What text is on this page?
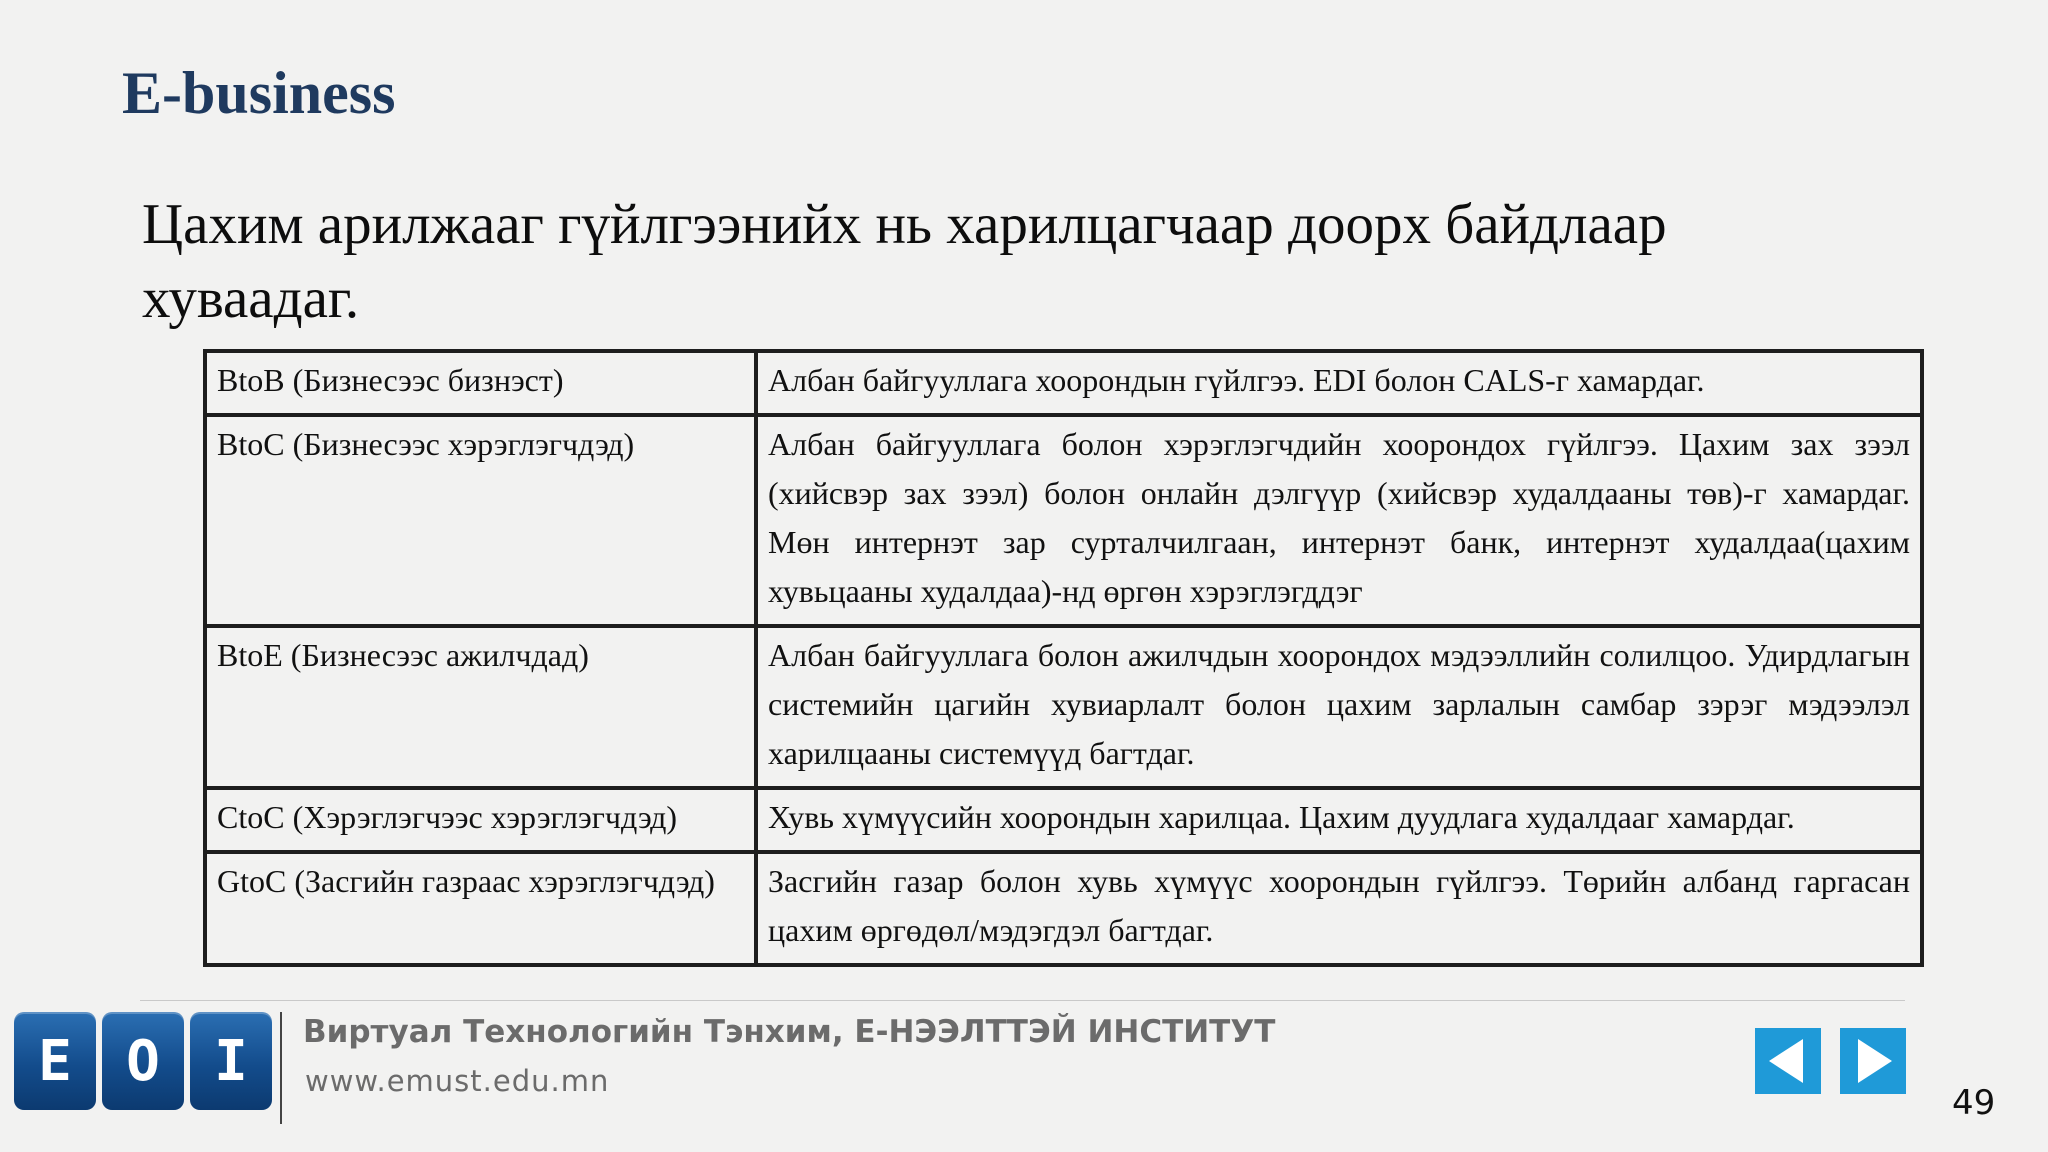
E-business

Цахим арилжааг гүйлгээнийх нь харилцагчаар доорх байдлаар хуваадаг.

BtoB (Бизнесээс бизнэст)	Албан байгууллага хоорондын гүйлгээ. EDI болон CALS-г хамардаг.
BtoC (Бизнесээс хэрэглэгчдэд)	Албан байгууллага болон хэрэглэгчдийн хоорондох гүйлгээ. Цахим зах зээл (хийсвэр зах зээл) болон онлайн дэлгүүр (хийсвэр худалдааны төв)-г хамардаг. Мөн интернэт зар сурталчилгаан, интернэт банк, интернэт худалдаа(цахим хувьцааны худалдаа)-нд өргөн хэрэглэгддэг
BtoE (Бизнесээс ажилчдад)	Албан байгууллага болон ажилчдын хоорондох мэдээллийн солилцоо. Удирдлагын системийн цагийн хувиарлалт болон цахим зарлалын самбар зэрэг мэдээлэл харилцааны системүүд багтдаг.
CtoC (Хэрэглэгчээс хэрэглэгчдэд)	Хувь хүмүүсийн хоорондын харилцаа. Цахим дуудлага худалдааг хамардаг.
GtoC (Засгийн газраас хэрэглэгчдэд)	Засгийн газар болон хувь хүмүүс хоорондын гүйлгээ. Төрийн албанд гаргасан цахим өргөдөл/мэдэгдэл багтдаг.
E O I	Виртуал Технологийн Тэнхим, Е-НЭЭЛТТЭЙ ИНСТИТУТ
www.emust.edu.mn
49
